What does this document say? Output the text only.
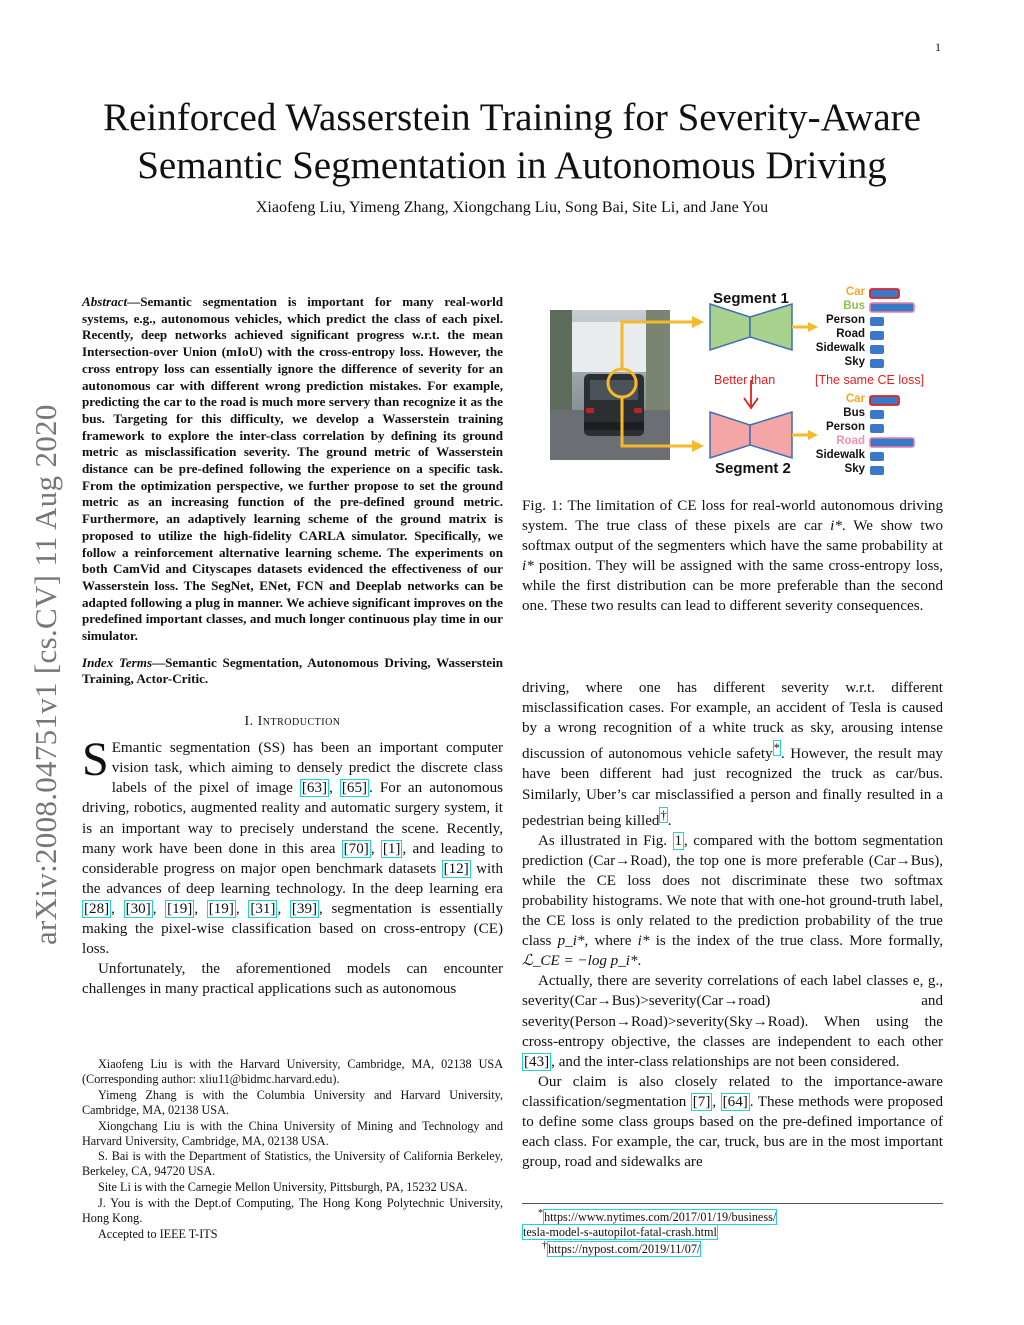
1
arXiv:2008.04751v1 [cs.CV] 11 Aug 2020
Reinforced Wasserstein Training for Severity-Aware
Semantic Segmentation in Autonomous Driving
Xiaofeng Liu, Yimeng Zhang, Xiongchang Liu, Song Bai, Site Li, and Jane You

Abstract—Semantic segmentation is important for many real-world systems, e.g., autonomous vehicles, which predict the class of each pixel. Recently, deep networks achieved significant progress w.r.t. the mean Intersection-over Union (mIoU) with the cross-entropy loss. However, the cross entropy loss can essentially ignore the difference of severity for an autonomous car with different wrong prediction mistakes. For example, predicting the car to the road is much more servery than recognize it as the bus. Targeting for this difficulty, we develop a Wasserstein training framework to explore the inter-class correlation by defining its ground metric as misclassification severity. The ground metric of Wasserstein distance can be pre-defined following the experience on a specific task. From the optimization perspective, we further propose to set the ground metric as an increasing function of the pre-defined ground metric. Furthermore, an adaptively learning scheme of the ground matrix is proposed to utilize the high-fidelity CARLA simulator. Specifically, we follow a reinforcement alternative learning scheme. The experiments on both CamVid and Cityscapes datasets evidenced the effectiveness of our Wasserstein loss. The SegNet, ENet, FCN and Deeplab networks can be adapted following a plug in manner. We achieve significant improves on the predefined important classes, and much longer continuous play time in our simulator.

Index Terms—Semantic Segmentation, Autonomous Driving, Wasserstein Training, Actor-Critic.

I. Introduction

S Emantic segmentation (SS) has been an important computer vision task, which aiming to densely predict the discrete class labels of the pixel of image [63] , [65] . For an autonomous driving, robotics, augmented reality and automatic surgery system, it is an important way to precisely understand the scene. Recently, many work have been done in this area [70] , [1] , and leading to considerable progress on major open benchmark datasets [12] with the advances of deep learning technology. In the deep learning era [28] , [30] , [19] , [19] , [31] , [39] , segmentation is essentially making the pixel-wise classification based on cross-entropy (CE) loss.

Unfortunately, the aforementioned models can encounter challenges in many practical applications such as autonomous

Xiaofeng Liu is with the Harvard University, Cambridge, MA, 02138 USA (Corresponding author: xliu11@bidmc.harvard.edu).

Yimeng Zhang is with the Columbia University and Harvard University, Cambridge, MA, 02138 USA.

Xiongchang Liu is with the China University of Mining and Technology and Harvard University, Cambridge, MA, 02138 USA.

S. Bai is with the Department of Statistics, the University of California Berkeley, Berkeley, CA, 94720 USA.

Site Li is with the Carnegie Mellon University, Pittsburgh, PA, 15232 USA.

J. You is with the Dept.of Computing, The Hong Kong Polytechnic University, Hong Kong.

Accepted to IEEE T-ITS

Segment 1
Segment 2
Better than	[The same CE loss]
Car
Bus
Person
Road
Sidewalk
Sky
Car
Bus
Person
Road
Sidewalk
Sky
Fig. 1: The limitation of CE loss for real-world autonomous driving system. The true class of these pixels are car i*. We show two softmax output of the segmenters which have the same probability at i* position. They will be assigned with the same cross-entropy loss, while the first distribution can be more preferable than the second one. These two results can lead to different severity consequences.

driving, where one has different severity w.r.t. different misclassification cases. For example, an accident of Tesla is caused by a wrong recognition of a white truck as sky, arousing intense discussion of autonomous vehicle safety*. However, the result may have been different had just recognized the truck as car/bus. Similarly, Uber’s car misclassified a person and finally resulted in a pedestrian being killed†.

As illustrated in Fig. 1 , compared with the bottom segmentation prediction (Car→Road), the top one is more preferable (Car→Bus), while the CE loss does not discriminate these two softmax probability histograms. We note that with one-hot ground-truth label, the CE loss is only related to the prediction probability of the true class p_i*, where i* is the index of the true class. More formally, ℒ_CE = −log p_i*.

Actually, there are severity correlations of each label classes e, g., severity(Car→Bus)>severity(Car→road) and severity(Person→Road)>severity(Sky→Road). When using the cross-entropy objective, the classes are independent to each other [43] , and the inter-class relationships are not been considered.

Our claim is also closely related to the importance-aware classification/segmentation [7] , [64] . These methods were proposed to define some class groups based on the pre-defined importance of each class. For example, the car, truck, bus are in the most important group, road and sidewalks are

*https://www.nytimes.com/2017/01/19/business/
tesla-model-s-autopilot-fatal-crash.html
†https://nypost.com/2019/11/07/
